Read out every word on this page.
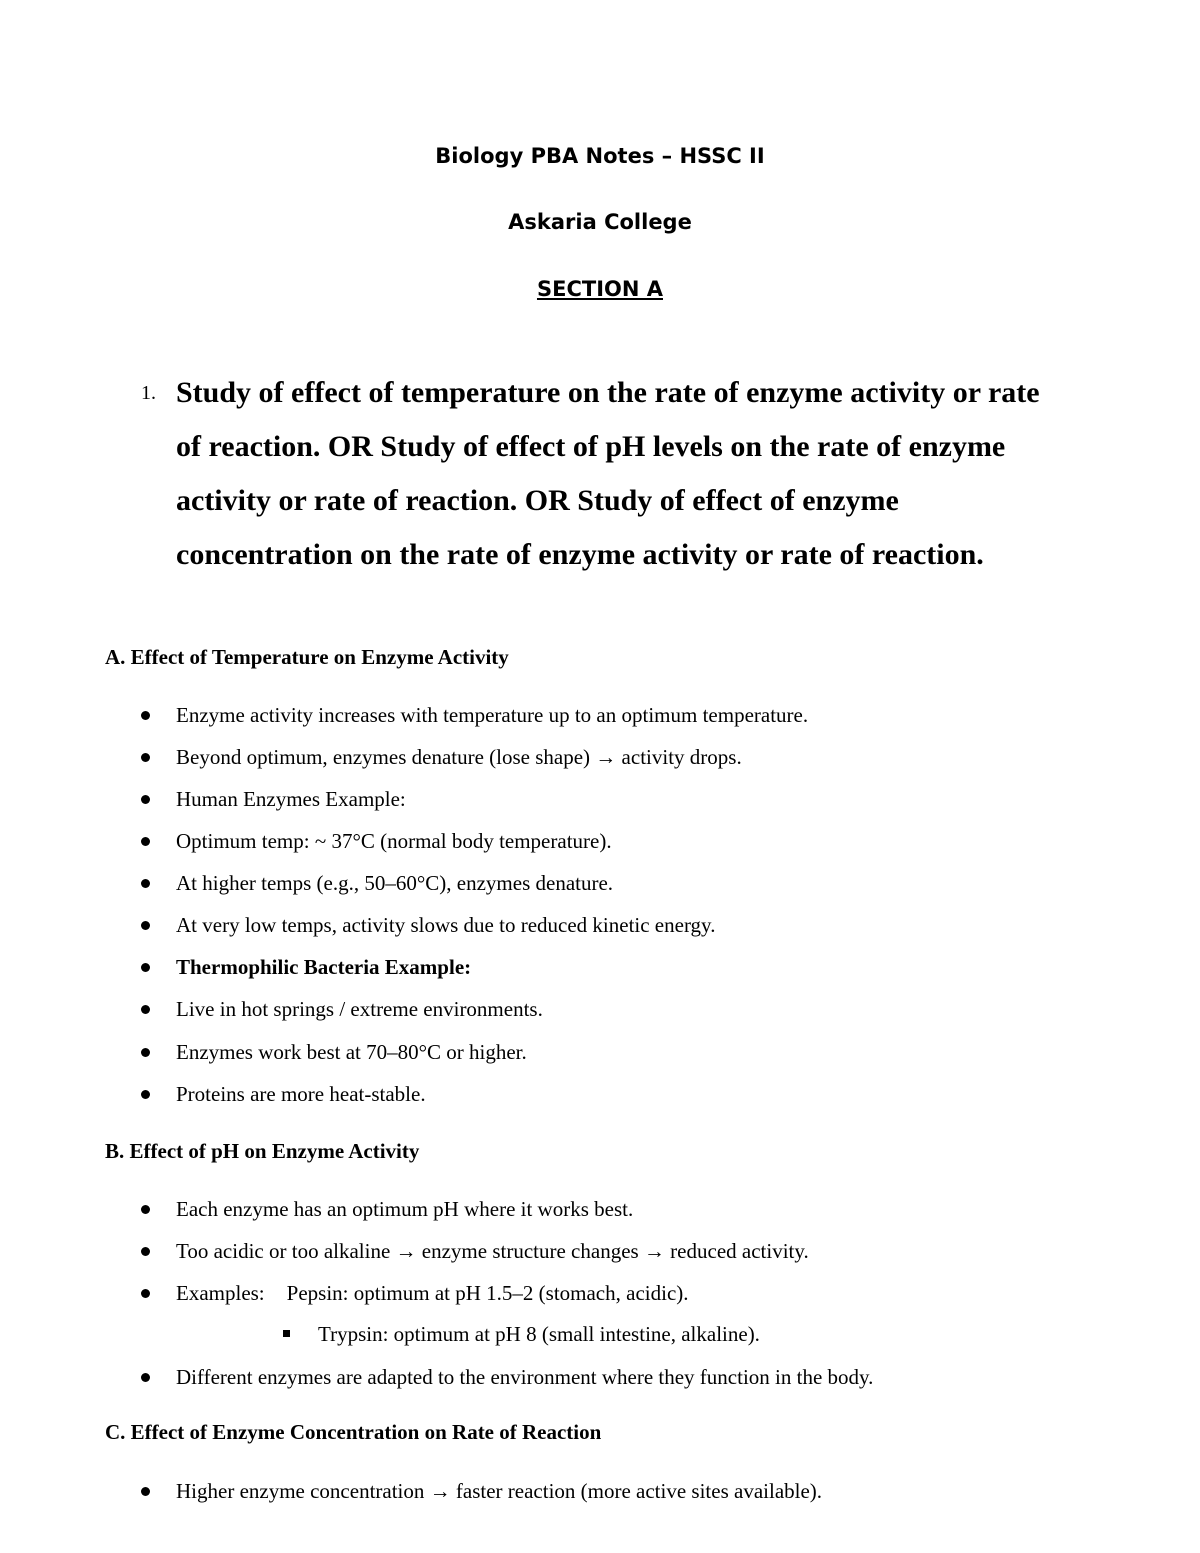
Biology PBA Notes – HSSC II

Askaria College

SECTION A

1. Study of effect of temperature on the rate of enzyme activity or rate
of reaction. OR Study of effect of pH levels on the rate of enzyme
activity or rate of reaction. OR Study of effect of enzyme
concentration on the rate of enzyme activity or rate of reaction.

A. Effect of Temperature on Enzyme Activity

Enzyme activity increases with temperature up to an optimum temperature.
Beyond optimum, enzymes denature (lose shape) → activity drops.
Human Enzymes Example:
Optimum temp: ~ 37°C (normal body temperature).
At higher temps (e.g., 50–60°C), enzymes denature.
At very low temps, activity slows due to reduced kinetic energy.
Thermophilic Bacteria Example:
Live in hot springs / extreme environments.
Enzymes work best at 70–80°C or higher.
Proteins are more heat-stable.

B. Effect of pH on Enzyme Activity

Each enzyme has an optimum pH where it works best.
Too acidic or too alkaline → enzyme structure changes → reduced activity.
Examples: Pepsin: optimum at pH 1.5–2 (stomach, acidic).
Trypsin: optimum at pH 8 (small intestine, alkaline).
Different enzymes are adapted to the environment where they function in the body.

C. Effect of Enzyme Concentration on Rate of Reaction

Higher enzyme concentration → faster reaction (more active sites available).
